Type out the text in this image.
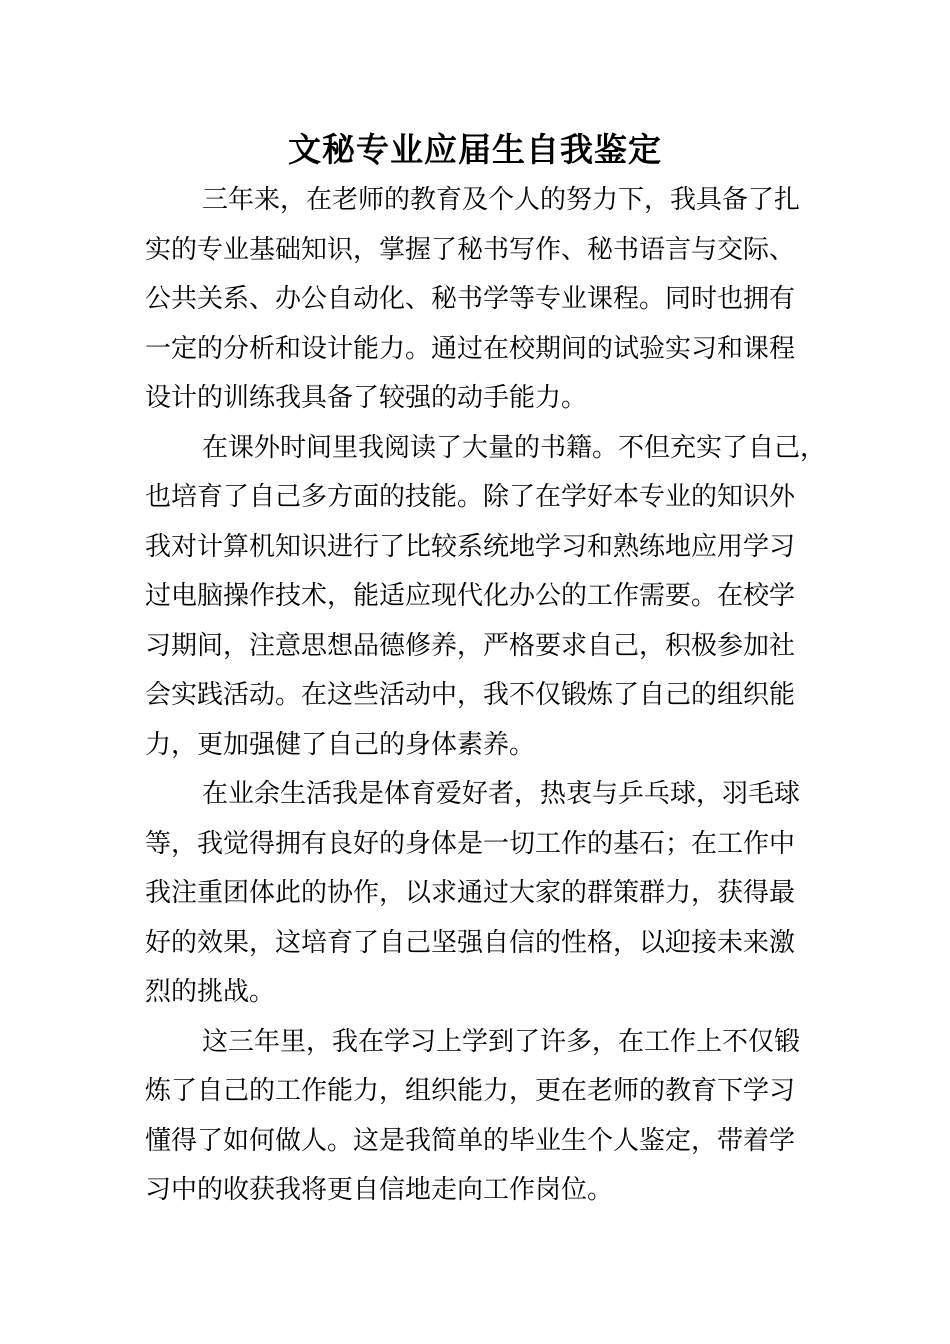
文秘专业应届生自我鉴定

三年来，在老师的教育及个人的努力下，我具备了扎
实的专业基础知识，掌握了秘书写作、秘书语言与交际、
公共关系、办公自动化、秘书学等专业课程。同时也拥有
一定的分析和设计能力。通过在校期间的试验实习和课程
设计的训练我具备了较强的动手能力。

在课外时间里我阅读了大量的书籍。不但充实了自己，
也培育了自己多方面的技能。除了在学好本专业的知识外
我对计算机知识进行了比较系统地学习和熟练地应用学习
过电脑操作技术，能适应现代化办公的工作需要。在校学
习期间，注意思想品德修养，严格要求自己，积极参加社
会实践活动。在这些活动中，我不仅锻炼了自己的组织能
力，更加强健了自己的身体素养。

在业余生活我是体育爱好者，热衷与乒乓球，羽毛球
等，我觉得拥有良好的身体是一切工作的基石；在工作中
我注重团体此的协作，以求通过大家的群策群力，获得最
好的效果，这培育了自己坚强自信的性格，以迎接未来激
烈的挑战。

这三年里，我在学习上学到了许多，在工作上不仅锻
炼了自己的工作能力，组织能力，更在老师的教育下学习
懂得了如何做人。这是我简单的毕业生个人鉴定，带着学
习中的收获我将更自信地走向工作岗位。
